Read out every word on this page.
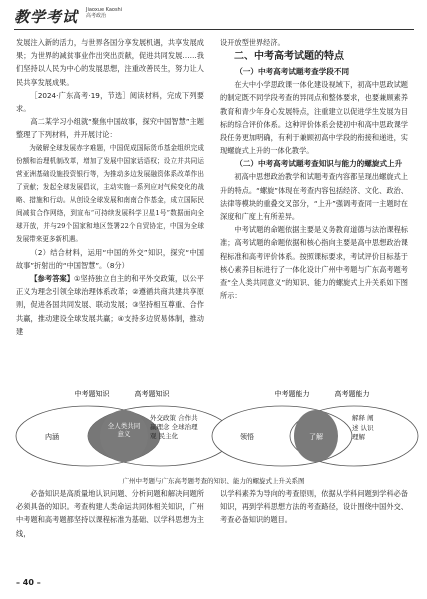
教学考试 Jiaoxue Kaoshi 高考政治

发展注入新的活力，与世界各国分享发展机遇，共享发展成果；为世界的减贫事业作出突出贡献，促进共同发展……我们坚持以人民为中心的发展思想，注重改善民生，努力让人民共享发展成果。

［2024·广东高考·19，节选］阅读材料，完成下列要求。

高二某学习小组就“聚焦中国故事，探究中国智慧”主题整理了下列材料，并开展讨论：

为破解全球发展赤字难题，中国促成国际货币基金组织完成份额和治理机制改革，增加了发展中国家话语权；设立并共同运营亚洲基础设施投资银行等，为推动多边发展融资体系改革作出了贡献；发起全球发展倡议，主动实施一系列应对气候变化的战略、措施和行动。从创设全球发展和南南合作基金，成立国际民间减贫合作网络，到宣布“可持续发展科学卫星1号”数据面向全球开放，并与29个国家和地区签署22个自贸协定，中国为全球发展带来更多新机遇。

（2）结合材料，运用“中国的外交”知识，探究“中国故事”折射出的“中国智慧”。（8分）

【参考答案】①坚持独立自主的和平外交政策，以公平正义为理念引领全球治理体系改革；②遵循共商共建共享原则，促进各国共同发展、联动发展；③坚持相互尊重、合作共赢，推动建设全球发展共赢；④支持多边贸易体制，推动建

设开放型世界经济。

二、中考高考试题的特点

（一）中考高考试题考查学段不同

在大中小学思政课一体化建设视域下，初高中思政试题的制定既不同学段考查的异同点和整体要求，也要兼顾素养教育和青少年身心发展特点，注重建立以促进学生发展为目标的综合评价体系。这种评价体系会使初中和高中思政课学段任务更加明确，有利于兼顾初高中学段的衔接和递进，实现螺旋式上升的一体化教学。

（二）中考高考试题考查知识与能力的螺旋式上升

初高中思想政治教学和试题考查内容都呈现出螺旋式上升的特点。“螺旋”体现在考查内容包括经济、文化、政治、法律等模块的重叠交叉部分，“上升”强调考查同一主题时在深度和广度上有所差异。

中考试题的命题依据主要是义务教育道德与法治课程标准；高考试题的命题依据和核心指向主要是高中思想政治课程标准和高考评价体系。按照课标要求，考试评价目标基于核心素养目标进行了一体化设计广州中考题与广东高考题考查“全人类共同意义”的知识、能力的螺旋式上升关系如下图所示：

中考题知识	高考题知识
内涵
全人类共同意义
外交政策 合作共赢理念 全球治理观 民主化
中考题能力	高考题能力
领悟	了解
解释 阐述 认识 理解
广州中考题与广东高考题考查的知识、能力的螺旋式上升关系图
必备知识是高质量地认识问题、分析问题和解决问题所必须具备的知识。考查构建人类命运共同体相关知识，广州中考题和高考题都坚持以课程标准为基础、以学科思想为主线，
以学科素养为导向的考查原则，依据从学科问题到学科必备知识，再到学科思想方法的考查路径，设计围绕中国外交、考查必备知识的题目。
– 40 –
